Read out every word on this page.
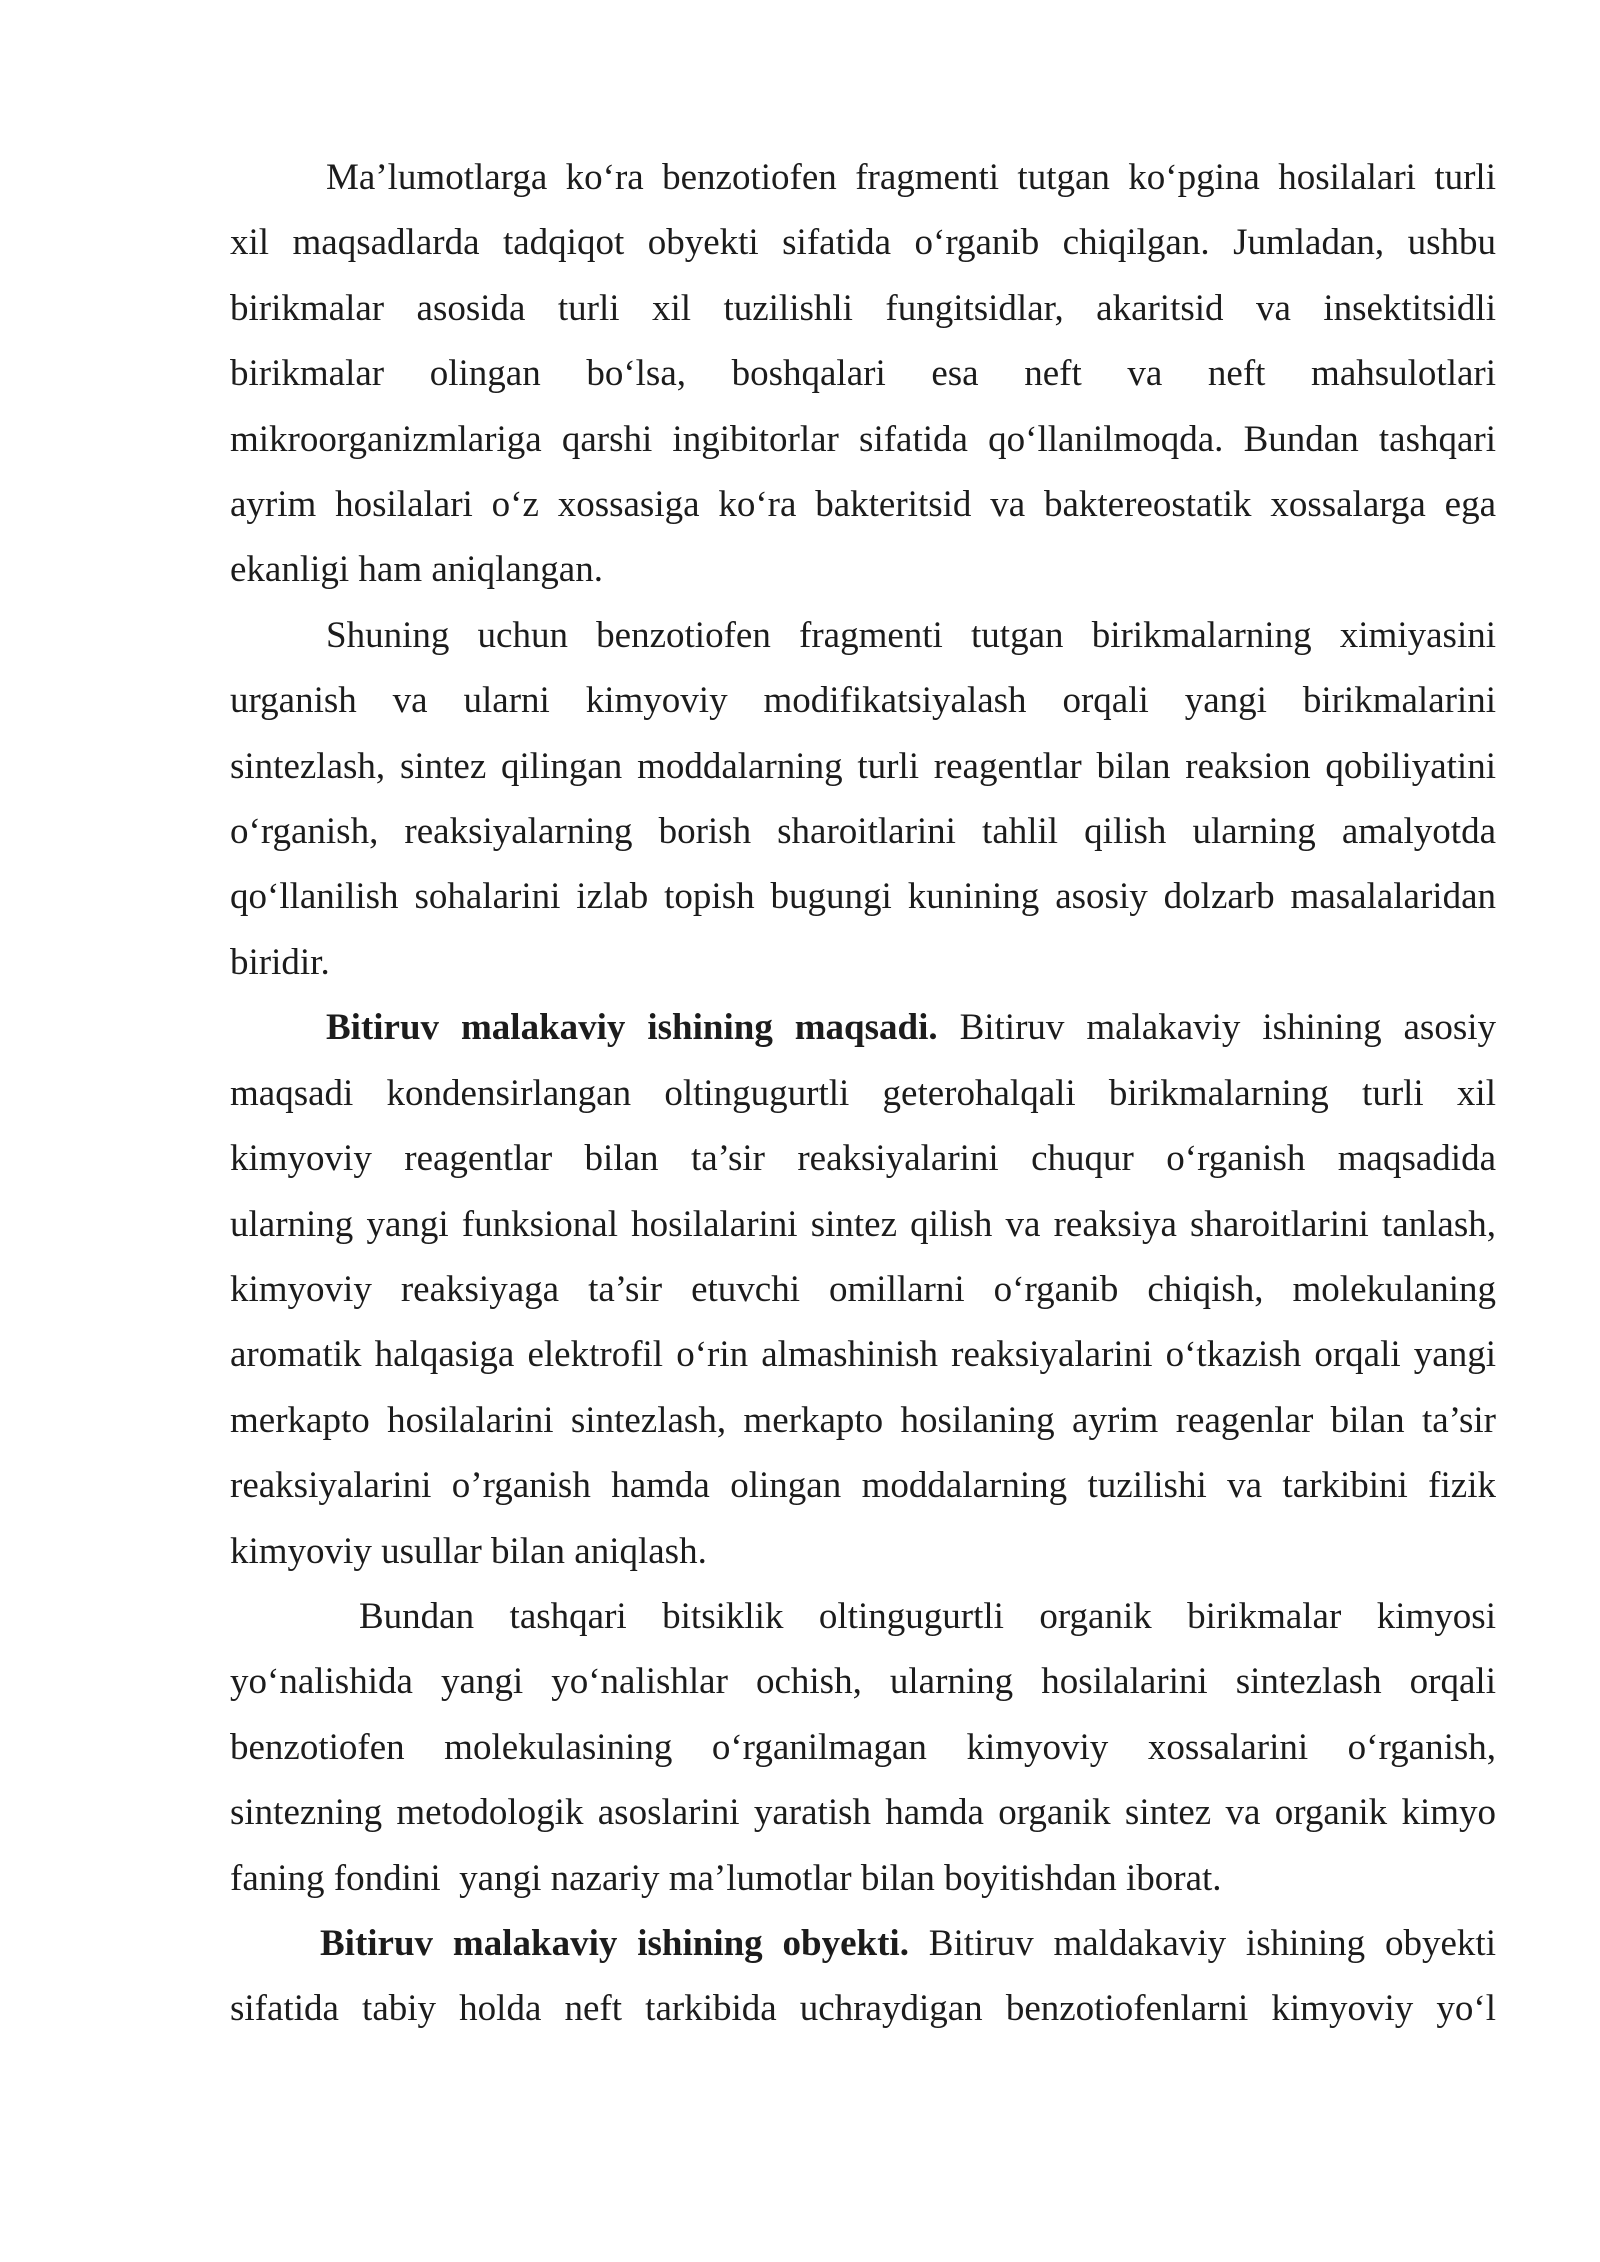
Ma’lumotlarga ko‘ra benzotiofen fragmenti tutgan ko‘pgina hosilalari turli
xil maqsadlarda tadqiqot obyekti sifatida o‘rganib chiqilgan. Jumladan, ushbu
birikmalar asosida turli xil tuzilishli fungitsidlar, akaritsid va insektitsidli
birikmalar olingan bo‘lsa, boshqalari esa neft va neft mahsulotlari
mikroorganizmlariga qarshi ingibitorlar sifatida qo‘llanilmoqda. Bundan tashqari
ayrim hosilalari o‘z xossasiga ko‘ra bakteritsid va baktereostatik xossalarga ega
ekanligi ham aniqlangan.
Shuning uchun benzotiofen fragmenti tutgan birikmalarning ximiyasini
urganish va ularni kimyoviy modifikatsiyalash orqali yangi birikmalarini
sintezlash, sintez qilingan moddalarning turli reagentlar bilan reaksion qobiliyatini
o‘rganish, reaksiyalarning borish sharoitlarini tahlil qilish ularning amalyotda
qo‘llanilish sohalarini izlab topish bugungi kunining asosiy dolzarb masalalaridan
biridir.
Bitiruv malakaviy ishining maqsadi. Bitiruv malakaviy ishining asosiy
maqsadi kondensirlangan oltingugurtli geterohalqali birikmalarning turli xil
kimyoviy reagentlar bilan ta’sir reaksiyalarini chuqur o‘rganish maqsadida
ularning yangi funksional hosilalarini sintez qilish va reaksiya sharoitlarini tanlash,
kimyoviy reaksiyaga ta’sir etuvchi omillarni o‘rganib chiqish, molekulaning
aromatik halqasiga elektrofil o‘rin almashinish reaksiyalarini o‘tkazish orqali yangi
merkapto hosilalarini sintezlash, merkapto hosilaning ayrim reagenlar bilan ta’sir
reaksiyalarini o’rganish hamda olingan moddalarning tuzilishi va tarkibini fizik
kimyoviy usullar bilan aniqlash.
Bundan tashqari bitsiklik oltingugurtli organik birikmalar kimyosi
yo‘nalishida yangi yo‘nalishlar ochish, ularning hosilalarini sintezlash orqali
benzotiofen molekulasining o‘rganilmagan kimyoviy xossalarini o‘rganish,
sintezning metodologik asoslarini yaratish hamda organik sintez va organik kimyo
faning fondini  yangi nazariy ma’lumotlar bilan boyitishdan iborat.
Bitiruv malakaviy ishining obyekti. Bitiruv maldakaviy ishining obyekti
sifatida tabiy holda neft tarkibida uchraydigan benzotiofenlarni kimyoviy yo‘l
